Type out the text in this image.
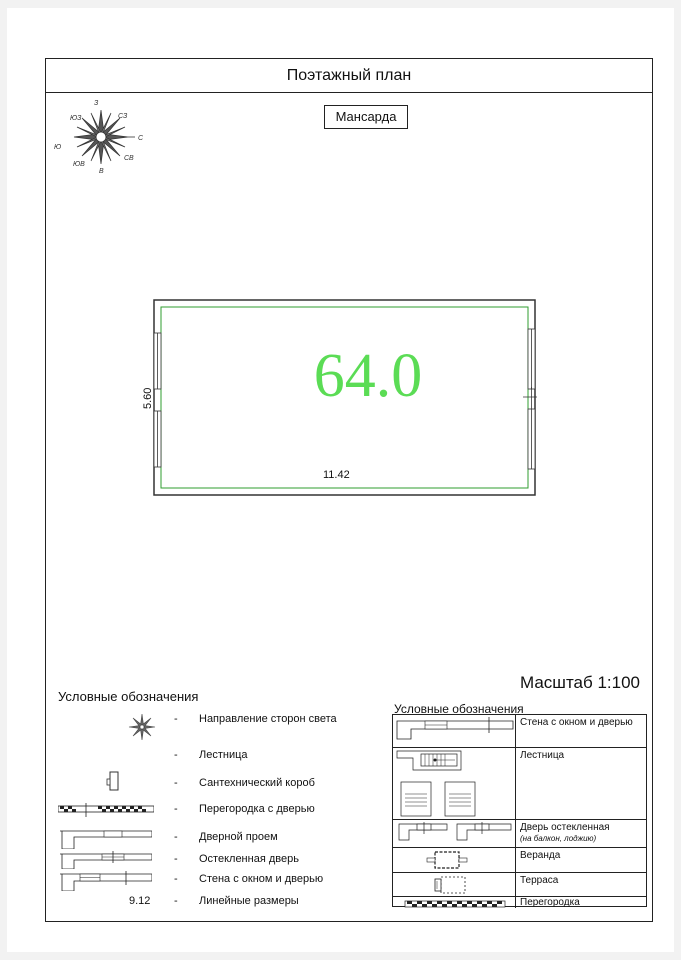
Поэтажный план
Мансарда
С
СВ
В
ЮВ
Ю
ЮЗ
З
СЗ
64.0
11.42
5.60
Масштаб 1:100
Условные обозначения
- Направление сторон света
- Лестница
- Сантехнический короб
- Перегородка с дверью
- Дверной проем
- Остекленная дверь
- Стена с окном и дверью
9.12 - Линейные размеры
Условные обозначения
Стена с окном и дверью
Лестница
Дверь остекленная
(на балкон, лоджию)
Веранда
Терраса
Перегородка
